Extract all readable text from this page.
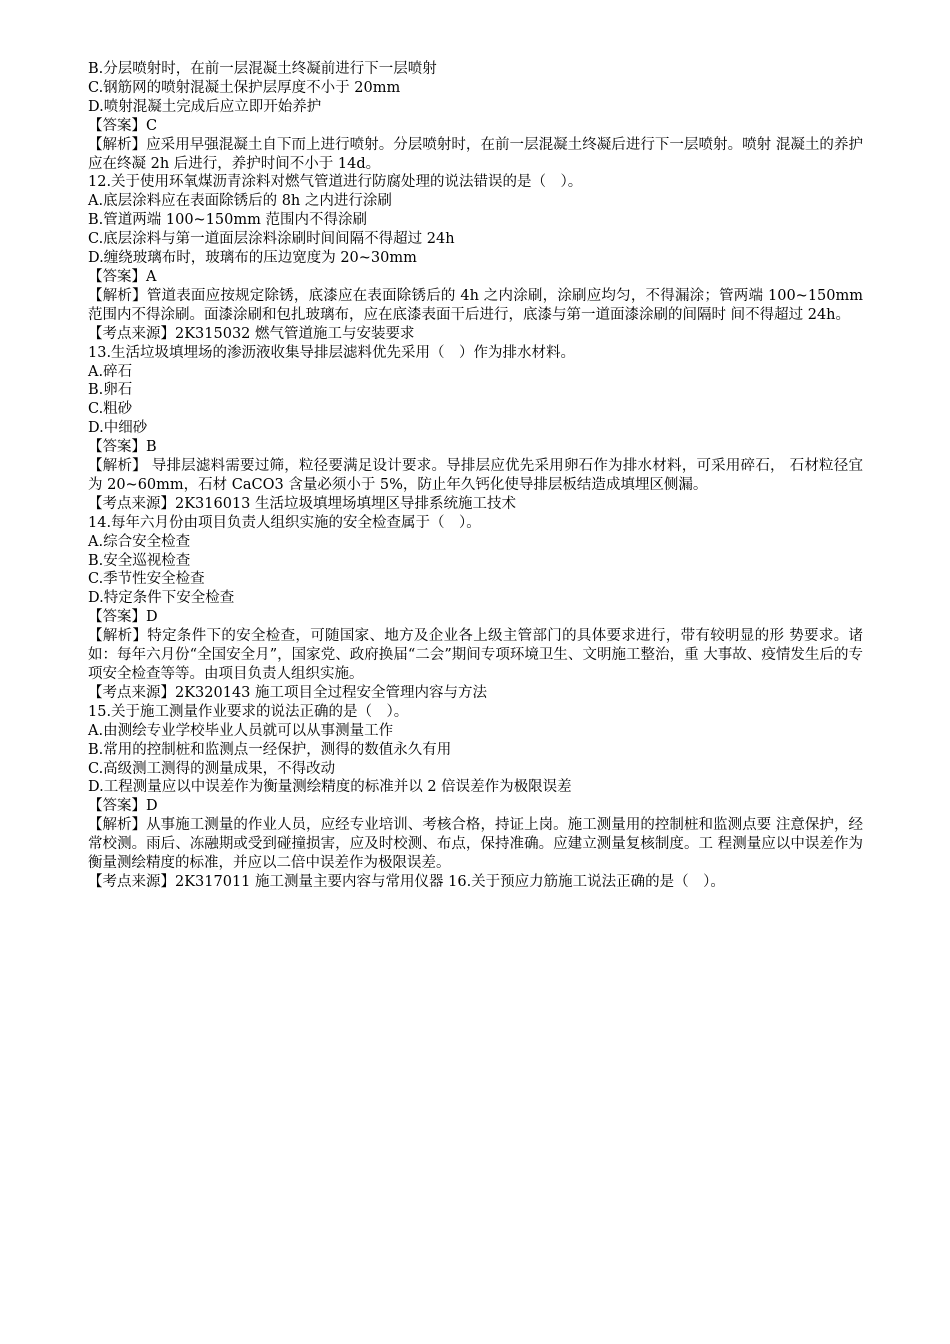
B.分层喷射时，在前一层混凝土终凝前进行下一层喷射

C.钢筋网的喷射混凝土保护层厚度不小于 20mm

D.喷射混凝土完成后应立即开始养护

【答案】C

【解析】应采用早强混凝土自下而上进行喷射。分层喷射时，在前一层混凝土终凝后进行下一层喷射。喷射 混凝土的养护应在终凝 2h 后进行，养护时间不小于 14d。

12.关于使用环氧煤沥青涂料对燃气管道进行防腐处理的说法错误的是（　）。

A.底层涂料应在表面除锈后的 8h 之内进行涂刷

B.管道两端 100~150mm 范围内不得涂刷

C.底层涂料与第一道面层涂料涂刷时间间隔不得超过 24h

D.缠绕玻璃布时，玻璃布的压边宽度为 20~30mm

【答案】A

【解析】管道表面应按规定除锈，底漆应在表面除锈后的 4h 之内涂刷，涂刷应均匀，不得漏涂；管两端 100~150mm 范围内不得涂刷。面漆涂刷和包扎玻璃布，应在底漆表面干后进行，底漆与第一道面漆涂刷的间隔时 间不得超过 24h。

【考点来源】2K315032 燃气管道施工与安装要求

13.生活垃圾填埋场的渗沥液收集导排层滤料优先采用（　）作为排水材料。

A.碎石

B.卵石

C.粗砂

D.中细砂

【答案】B

【解析】 导排层滤料需要过筛，粒径要满足设计要求。导排层应优先采用卵石作为排水材料，可采用碎石， 石材粒径宜为 20~60mm，石材 CaCO3 含量必须小于 5%，防止年久钙化使导排层板结造成填埋区侧漏。

【考点来源】2K316013 生活垃圾填埋场填埋区导排系统施工技术

14.每年六月份由项目负责人组织实施的安全检查属于（　）。

A.综合安全检查

B.安全巡视检查

C.季节性安全检查

D.特定条件下安全检查

【答案】D

【解析】特定条件下的安全检查，可随国家、地方及企业各上级主管部门的具体要求进行，带有较明显的形 势要求。诸如：每年六月份“全国安全月”，国家党、政府换届“二会”期间专项环境卫生、文明施工整治，重 大事故、疫情发生后的专项安全检查等等。由项目负责人组织实施。

【考点来源】2K320143 施工项目全过程安全管理内容与方法

15.关于施工测量作业要求的说法正确的是（　）。

A.由测绘专业学校毕业人员就可以从事测量工作

B.常用的控制桩和监测点一经保护，测得的数值永久有用

C.高级测工测得的测量成果，不得改动

D.工程测量应以中误差作为衡量测绘精度的标准并以 2 倍误差作为极限误差

【答案】D

【解析】从事施工测量的作业人员，应经专业培训、考核合格，持证上岗。施工测量用的控制桩和监测点要 注意保护，经常校测。雨后、冻融期或受到碰撞损害，应及时校测、布点，保持准确。应建立测量复核制度。工 程测量应以中误差作为衡量测绘精度的标准，并应以二倍中误差作为极限误差。

【考点来源】2K317011 施工测量主要内容与常用仪器 16.关于预应力筋施工说法正确的是（　）。
